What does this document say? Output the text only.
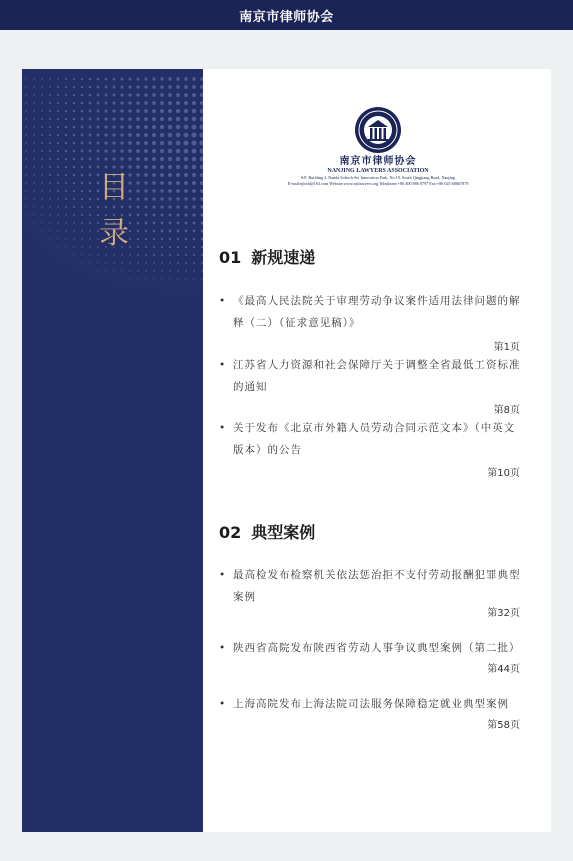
南京市律师协会
目录
南京市律师协会
NANJING LAWYERS ASSOCIATION
6/F, Building 2, Nanda Softech Sci Innovation Park, No.19, South Qingjiang Road, Nanjing
E-mail:njlssh@163.com Website:www.njslawyers.org Telephone:+86 400 886 9797 Fax:+86 025 68667879
01 新规速递
• 《最高人民法院关于审理劳动争议案件适用法律问题的解释（二）（征求意见稿）》
第1页
• 江苏省人力资源和社会保障厅关于调整全省最低工资标准的通知
第8页
• 关于发布《北京市外籍人员劳动合同示范文本》（中英文版本）的公告
第10页
02 典型案例
• 最高检发布检察机关依法惩治拒不支付劳动报酬犯罪典型案例
第32页
• 陕西省高院发布陕西省劳动人事争议典型案例（第二批）
第44页
• 上海高院发布上海法院司法服务保障稳定就业典型案例
第58页
